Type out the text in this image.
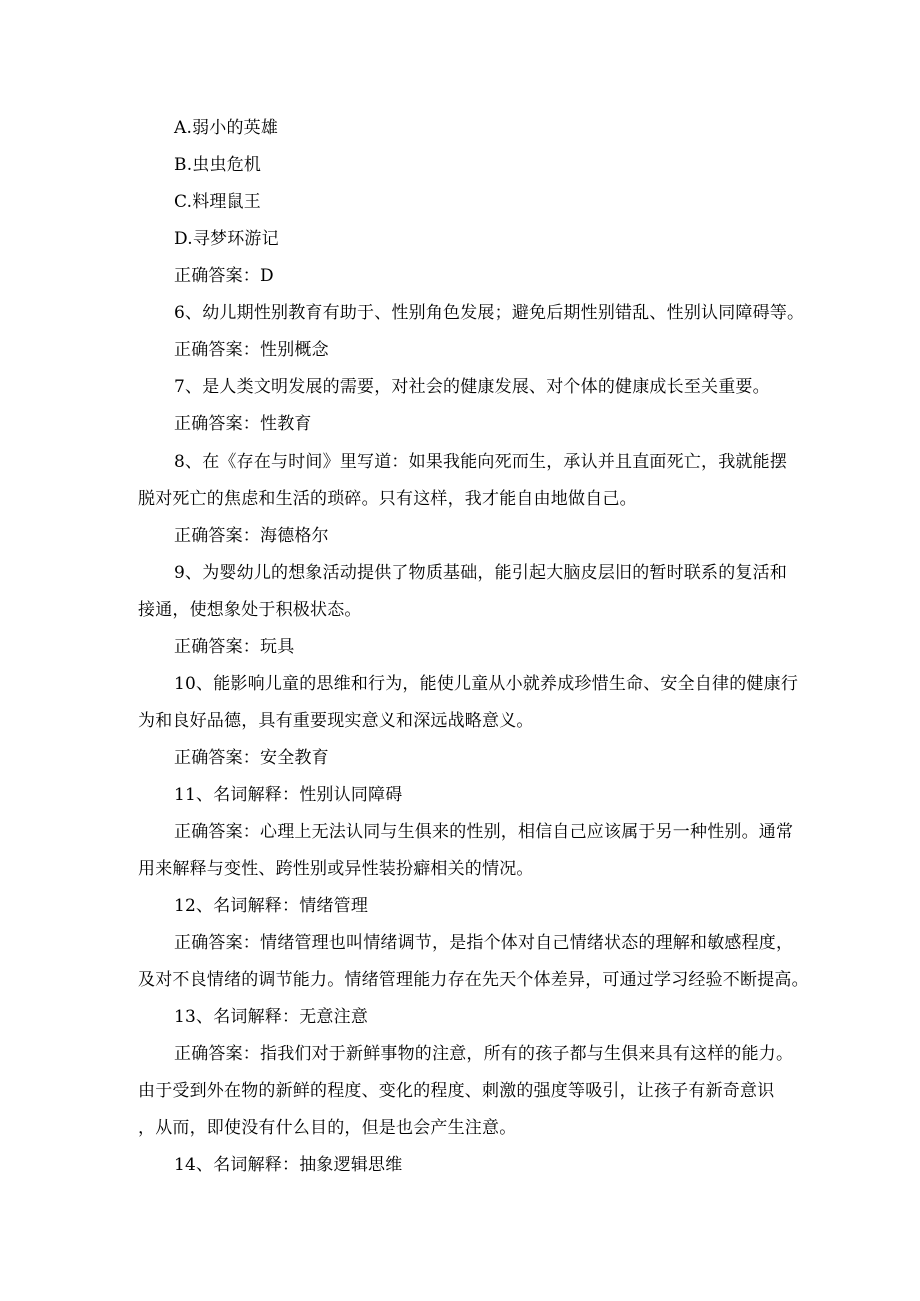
A.弱小的英雄
B.虫虫危机
C.料理鼠王
D.寻梦环游记
正确答案：D
6、幼儿期性别教育有助于、性别角色发展；避免后期性别错乱、性别认同障碍等。
正确答案：性别概念
7、是人类文明发展的需要，对社会的健康发展、对个体的健康成长至关重要。
正确答案：性教育
8、在《存在与时间》里写道：如果我能向死而生，承认并且直面死亡，我就能摆
脱对死亡的焦虑和生活的琐碎。只有这样，我才能自由地做自己。
正确答案：海德格尔
9、为婴幼儿的想象活动提供了物质基础，能引起大脑皮层旧的暂时联系的复活和
接通，使想象处于积极状态。
正确答案：玩具
10、能影响儿童的思维和行为，能使儿童从小就养成珍惜生命、安全自律的健康行
为和良好品德，具有重要现实意义和深远战略意义。
正确答案：安全教育
11、名词解释：性别认同障碍
正确答案：心理上无法认同与生俱来的性别，相信自己应该属于另一种性别。通常
用来解释与变性、跨性别或异性装扮癖相关的情况。
12、名词解释：情绪管理
正确答案：情绪管理也叫情绪调节，是指个体对自己情绪状态的理解和敏感程度，
及对不良情绪的调节能力。情绪管理能力存在先天个体差异，可通过学习经验不断提高。
13、名词解释：无意注意
正确答案：指我们对于新鲜事物的注意，所有的孩子都与生俱来具有这样的能力。
由于受到外在物的新鲜的程度、变化的程度、刺激的强度等吸引，让孩子有新奇意识
，从而，即使没有什么目的，但是也会产生注意。
14、名词解释：抽象逻辑思维
